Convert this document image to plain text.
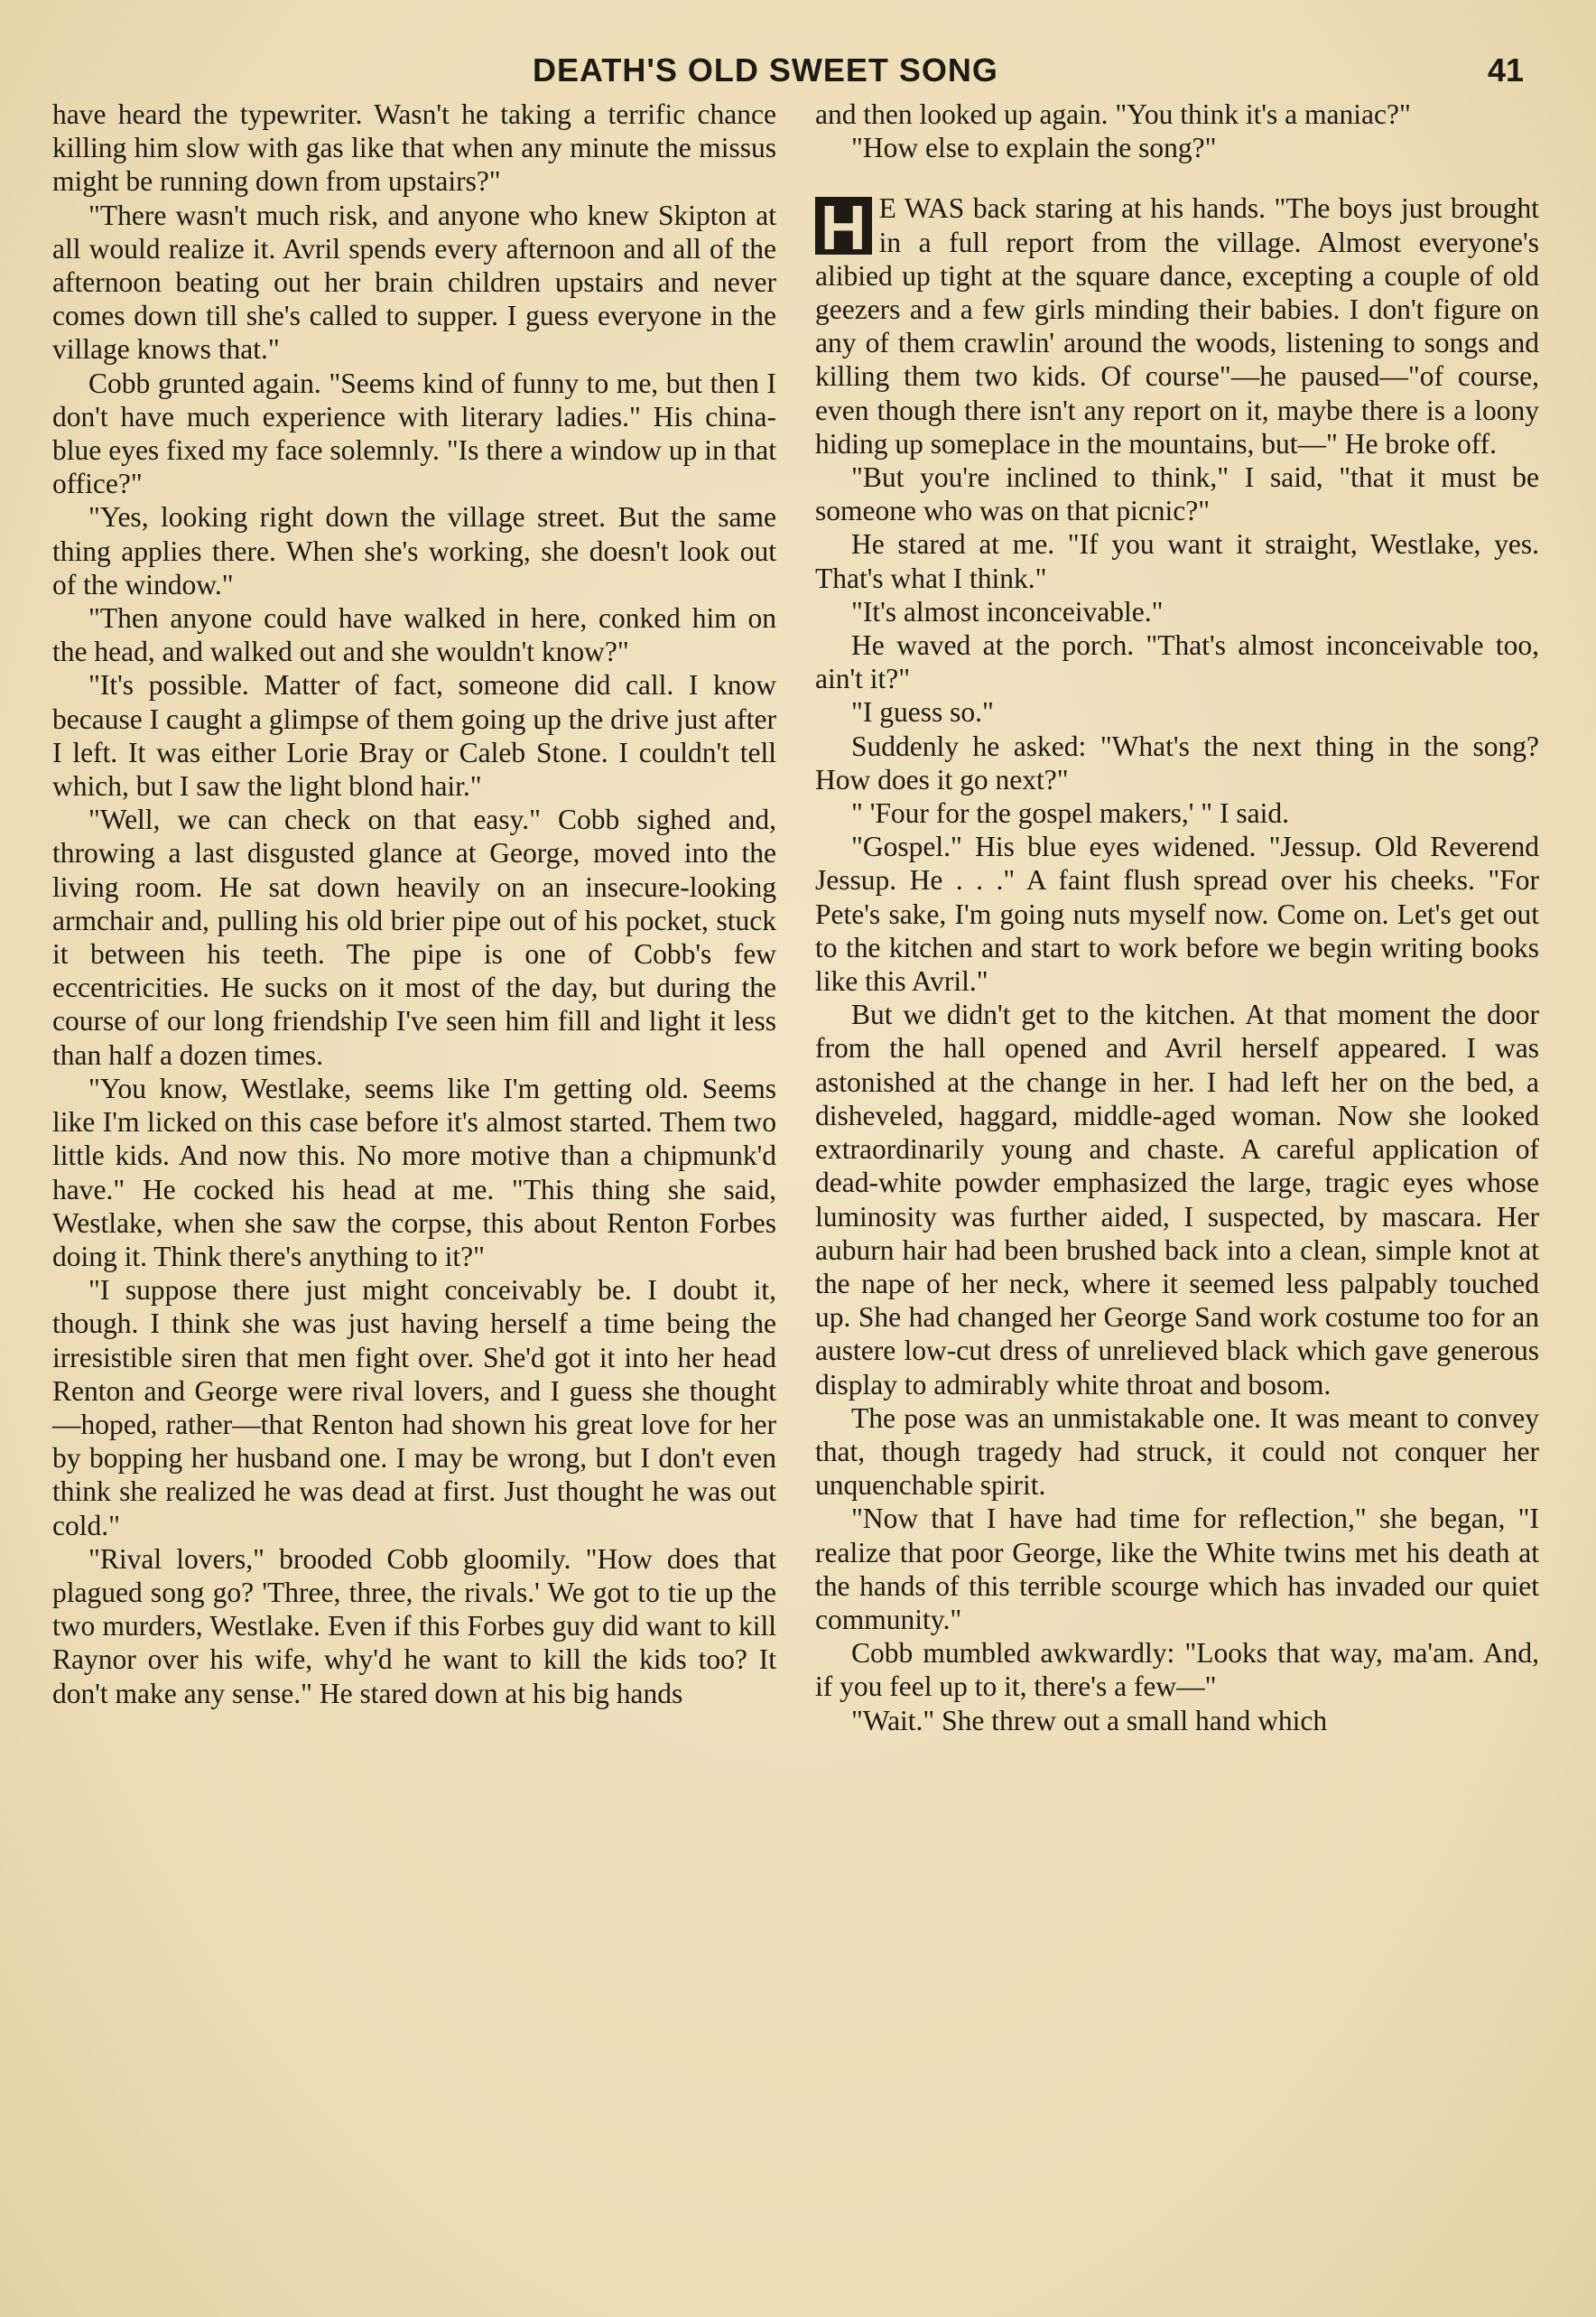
DEATH'S OLD SWEET SONG	41

have heard the typewriter. Wasn't he taking a terrific chance killing him slow with gas like that when any minute the missus might be running down from upstairs?"

"There wasn't much risk, and anyone who knew Skipton at all would realize it. Avril spends every afternoon and all of the afternoon beating out her brain children upstairs and never comes down till she's called to supper. I guess everyone in the village knows that."

Cobb grunted again. "Seems kind of funny to me, but then I don't have much experience with literary ladies." His china-blue eyes fixed my face solemnly. "Is there a window up in that office?"

"Yes, looking right down the village street. But the same thing applies there. When she's working, she doesn't look out of the window."

"Then anyone could have walked in here, conked him on the head, and walked out and she wouldn't know?"

"It's possible. Matter of fact, someone did call. I know because I caught a glimpse of them going up the drive just after I left. It was either Lorie Bray or Caleb Stone. I couldn't tell which, but I saw the light blond hair."

"Well, we can check on that easy." Cobb sighed and, throwing a last disgusted glance at George, moved into the living room. He sat down heavily on an insecure-looking armchair and, pulling his old brier pipe out of his pocket, stuck it between his teeth. The pipe is one of Cobb's few eccentricities. He sucks on it most of the day, but during the course of our long friendship I've seen him fill and light it less than half a dozen times.

"You know, Westlake, seems like I'm getting old. Seems like I'm licked on this case before it's almost started. Them two little kids. And now this. No more motive than a chipmunk'd have." He cocked his head at me. "This thing she said, Westlake, when she saw the corpse, this about Renton Forbes doing it. Think there's anything to it?"

"I suppose there just might conceivably be. I doubt it, though. I think she was just having herself a time being the irresistible siren that men fight over. She'd got it into her head Renton and George were rival lovers, and I guess she thought—hoped, rather—that Renton had shown his great love for her by bopping her husband one. I may be wrong, but I don't even think she realized he was dead at first. Just thought he was out cold."

"Rival lovers," brooded Cobb gloomily. "How does that plagued song go? 'Three, three, the rivals.' We got to tie up the two murders, Westlake. Even if this Forbes guy did want to kill Raynor over his wife, why'd he want to kill the kids too? It don't make any sense." He stared down at his big hands

and then looked up again. "You think it's a maniac?"

"How else to explain the song?"

H E WAS back staring at his hands. "The boys just brought in a full report from the village. Almost everyone's alibied up tight at the square dance, excepting a couple of old geezers and a few girls minding their babies. I don't figure on any of them crawlin' around the woods, listening to songs and killing them two kids. Of course"—he paused—"of course, even though there isn't any report on it, maybe there is a loony hiding up someplace in the mountains, but—" He broke off.

"But you're inclined to think," I said, "that it must be someone who was on that picnic?"

He stared at me. "If you want it straight, Westlake, yes. That's what I think."

"It's almost inconceivable."

He waved at the porch. "That's almost inconceivable too, ain't it?"

"I guess so."

Suddenly he asked: "What's the next thing in the song? How does it go next?"

" 'Four for the gospel makers,' " I said.

"Gospel." His blue eyes widened. "Jessup. Old Reverend Jessup. He . . ." A faint flush spread over his cheeks. "For Pete's sake, I'm going nuts myself now. Come on. Let's get out to the kitchen and start to work before we begin writing books like this Avril."

But we didn't get to the kitchen. At that moment the door from the hall opened and Avril herself appeared. I was astonished at the change in her. I had left her on the bed, a disheveled, haggard, middle-aged woman. Now she looked extraordinarily young and chaste. A careful application of dead-white powder emphasized the large, tragic eyes whose luminosity was further aided, I suspected, by mascara. Her auburn hair had been brushed back into a clean, simple knot at the nape of her neck, where it seemed less palpably touched up. She had changed her George Sand work costume too for an austere low-cut dress of unrelieved black which gave generous display to admirably white throat and bosom.

The pose was an unmistakable one. It was meant to convey that, though tragedy had struck, it could not conquer her unquenchable spirit.

"Now that I have had time for reflection," she began, "I realize that poor George, like the White twins met his death at the hands of this terrible scourge which has invaded our quiet community."

Cobb mumbled awkwardly: "Looks that way, ma'am. And, if you feel up to it, there's a few—"

"Wait." She threw out a small hand which
